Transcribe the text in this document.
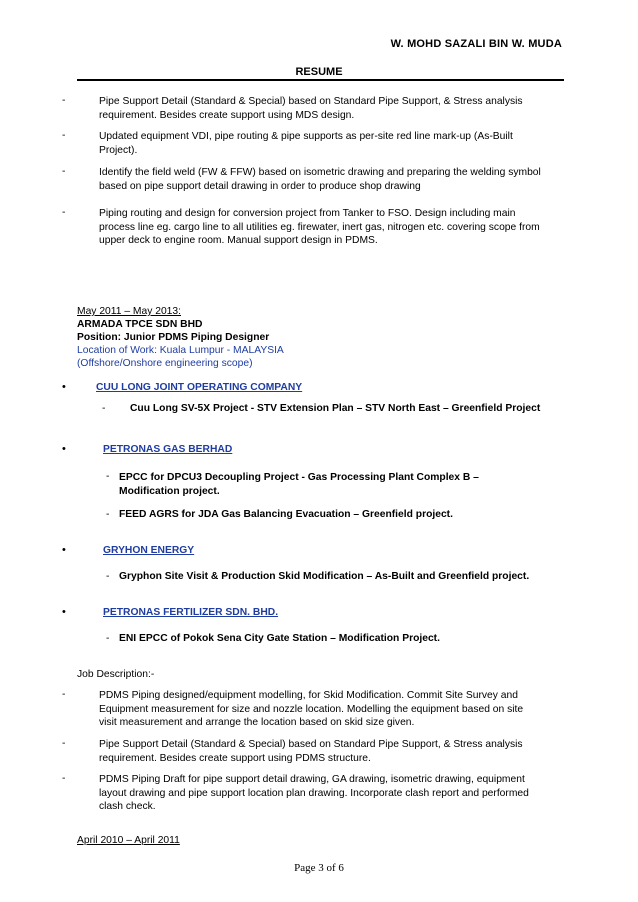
W. MOHD SAZALI BIN W. MUDA
RESUME
-	Pipe Support Detail (Standard & Special) based on Standard Pipe Support, & Stress analysis
requirement. Besides create support using MDS design.
-	Updated equipment VDI, pipe routing & pipe supports as per-site red line mark-up (As-Built
Project).
-	Identify the field weld (FW & FFW) based on isometric drawing and preparing the welding symbol
based on pipe support detail drawing in order to produce shop drawing
-	Piping routing and design for conversion project from Tanker to FSO. Design including main
process line eg. cargo line to all utilities eg. firewater, inert gas, nitrogen etc. covering scope from
upper deck to engine room. Manual support design in PDMS.
May 2011 – May 2013:
ARMADA TPCE SDN BHD
Position: Junior PDMS Piping Designer
Location of Work: Kuala Lumpur - MALAYSIA
(Offshore/Onshore engineering scope)
•	CUU LONG JOINT OPERATING COMPANY
- Cuu Long SV-5X Project - STV Extension Plan – STV North East – Greenfield Project
•	PETRONAS GAS BERHAD
- EPCC for DPCU3 Decoupling Project - Gas Processing Plant Complex B –
Modification project.
- FEED AGRS for JDA Gas Balancing Evacuation – Greenfield project.
•	GRYHON ENERGY
- Gryphon Site Visit & Production Skid Modification – As-Built and Greenfield project.
•	PETRONAS FERTILIZER SDN. BHD.
- ENI EPCC of Pokok Sena City Gate Station – Modification Project.
Job Description:-
-	PDMS Piping designed/equipment modelling, for Skid Modification. Commit Site Survey and
Equipment measurement for size and nozzle location. Modelling the equipment based on site
visit measurement and arrange the location based on skid size given.
-	Pipe Support Detail (Standard & Special) based on Standard Pipe Support, & Stress analysis
requirement. Besides create support using PDMS structure.
-	PDMS Piping Draft for pipe support detail drawing, GA drawing, isometric drawing, equipment
layout drawing and pipe support location plan drawing. Incorporate clash report and performed
clash check.
April 2010 – April 2011
Page 3 of 6
